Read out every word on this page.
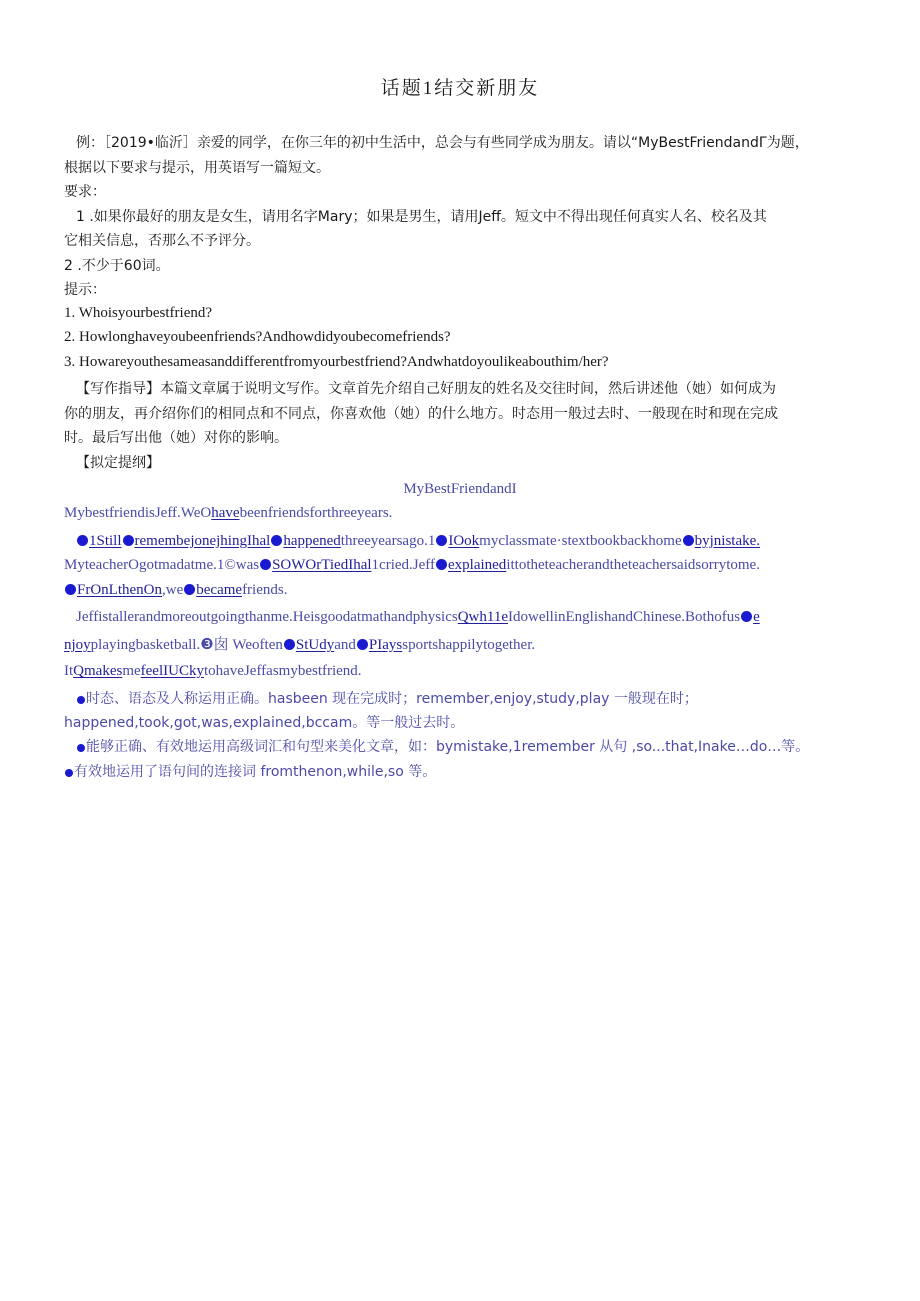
话题1结交新朋友
例：［2019•临沂］亲爱的同学，在你三年的初中生活中，总会与有些同学成为朋友。请以“MyBestFriendandΓ为题，
根据以下要求与提示，用英语写一篇短文。
要求：
1 .如果你最好的朋友是女生，请用名字Mary；如果是男生，请用Jeff。短文中不得出现任何真实人名、校名及其
它相关信息，否那么不予评分。
2 .不少于60词。
提示：
1. Whoisyourbestfriend?
2. Howlonghaveyoubeenfriends?Andhowdidyoubecomefriends?
3. Howareyouthesameasanddifferentfromyourbestfriend?Andwhatdoyoulikeabouthim/her?
【写作指导】本篇文章属于说明文写作。文章首先介绍自己好朋友的姓名及交往时间，然后讲述他（她）如何成为
你的朋友，再介绍你们的相同点和不同点，你喜欢他（她）的什么地方。时态用一般过去时、一般现在时和现在完成
时。最后写出他（她）对你的影响。
【拟定提纲】
MyBestFriendandI
MybestfriendisJeff.WeOhavebeenfriendsforthreeyears.
1Still remembejonejhingIhal happenedthreeyearsago.1 IOokmyclassmate·stextbookbackhome byjnistake.
MyteacherOgotmadatme.1©was SOWOrTiedIhal1cried.Jeff explainedittotheteacherandtheteachersaidsorrytome.
FrOnLthenOn,we becamefriends.
Jeffistallerandmoreoutgoingthanme.HeisgoodatmathandphysicsQwh11eIdowellinEnglishandChinese.Bothofus e
njoyplayingbasketball.❸囱 Weoften StUdyand PIayssportshappilytogether.
ItQmakesmefeelIUCkytohaveJeffasmybestfriend.
时态、语态及人称运用正确。hasbeen 现在完成时；remember,enjoy,study,play 一般现在时；
happened,took,got,was,explained,bccam。等一般过去时。
能够正确、有效地运用高级词汇和句型来美化文章，如：bymistake,1remember 从句 ,so...that,Inake…do…等。
有效地运用了语句间的连接词 fromthenon,while,so 等。
